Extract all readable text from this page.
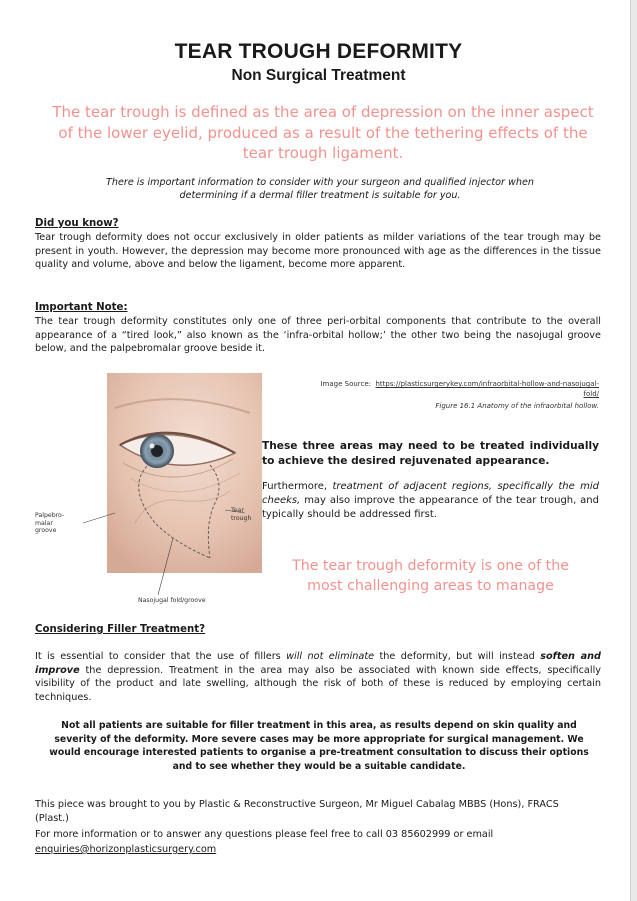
TEAR TROUGH DEFORMITY
Non Surgical Treatment
The tear trough is defined as the area of depression on the inner aspect
of the lower eyelid, produced as a result of the tethering effects of the
tear trough ligament.
There is important information to consider with your surgeon and qualified injector when
determining if a dermal filler treatment is suitable for you.
Did you know?
Tear trough deformity does not occur exclusively in older patients as milder variations of the tear trough may be present in youth. However, the depression may become more pronounced with age as the differences in the tissue quality and volume, above and below the ligament, become more apparent.
Important Note:
The tear trough deformity constitutes only one of three peri-orbital components that contribute to the overall appearance of a “tired look,” also known as the ‘infra-orbital hollow;’ the other two being the nasojugal groove below, and the palpebromalar groove beside it.
Palpebro-
malar
groove
Tear
trough
Nasojugal fold/groove
Image Source: https://plasticsurgerykey.com/infraorbital-hollow-and-nasojugal-
fold/
Figure 16.1 Anatomy of the infraorbital hollow.
These three areas may need to be treated individually to achieve the desired rejuvenated appearance.
Furthermore, treatment of adjacent regions, specifically the mid cheeks, may also improve the appearance of the tear trough, and typically should be addressed first.
The tear trough deformity is one of the
most challenging areas to manage
Considering Filler Treatment?
It is essential to consider that the use of fillers will not eliminate the deformity, but will instead soften and improve the depression. Treatment in the area may also be associated with known side effects, specifically visibility of the product and late swelling, although the risk of both of these is reduced by employing certain techniques.
Not all patients are suitable for filler treatment in this area, as results depend on skin quality and
severity of the deformity. More severe cases may be more appropriate for surgical management. We
would encourage interested patients to organise a pre-treatment consultation to discuss their options
and to see whether they would be a suitable candidate.
This piece was brought to you by Plastic & Reconstructive Surgeon, Mr Miguel Cabalag MBBS (Hons), FRACS (Plast.)
For more information or to answer any questions please feel free to call 03 85602999 or email
enquiries@horizonplasticsurgery.com
